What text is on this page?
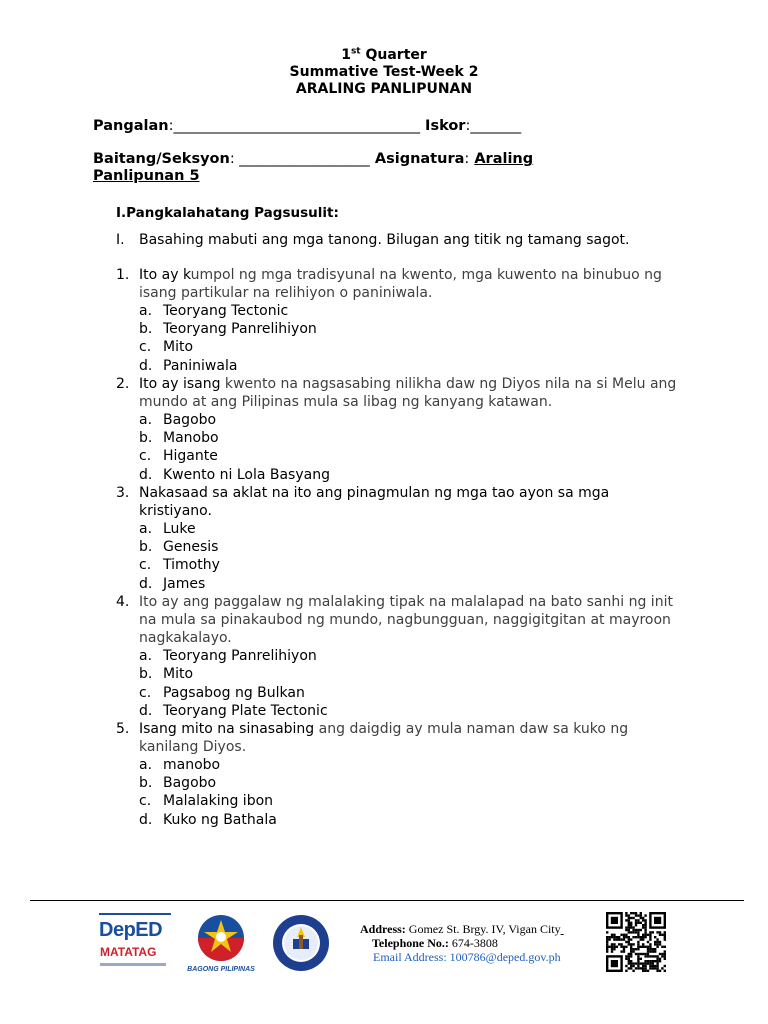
1st Quarter
Summative Test-Week 2
ARALING PANLIPUNAN
Pangalan:__________________________________ Iskor:_______
Baitang/Seksyon: __________________ Asignatura: Araling
Panlipunan 5
I.Pangkalahatang Pagsusulit:
I. Basahing mabuti ang mga tanong. Bilugan ang titik ng tamang sagot.
1. Ito ay kumpol ng mga tradisyunal na kwento, mga kuwento na binubuo ng
isang partikular na relihiyon o paniniwala.
a. Teoryang Tectonic
b. Teoryang Panrelihiyon
c. Mito
d. Paniniwala
2. Ito ay isang kwento na nagsasabing nilikha daw ng Diyos nila na si Melu ang
mundo at ang Pilipinas mula sa libag ng kanyang katawan.
a. Bagobo
b. Manobo
c. Higante
d. Kwento ni Lola Basyang
3. Nakasaad sa aklat na ito ang pinagmulan ng mga tao ayon sa mga
kristiyano.
a. Luke
b. Genesis
c. Timothy
d. James
4. Ito ay ang paggalaw ng malalaking tipak na malalapad na bato sanhi ng init
na mula sa pinakaubod ng mundo, nagbungguan, naggigitgitan at mayroon
nagkakalayo.
a. Teoryang Panrelihiyon
b. Mito
c. Pagsabog ng Bulkan
d. Teoryang Plate Tectonic
5. Isang mito na sinasabing ang daigdig ay mula naman daw sa kuko ng
kanilang Diyos.
a. manobo
b. Bagobo
c. Malalaking ibon
d. Kuko ng Bathala
DepED
MATATAG
BAGONG PILIPINAS
Address: Gomez St. Brgy. IV, Vigan City
Telephone No.: 674-3808
Email Address: 100786@deped.gov.ph
